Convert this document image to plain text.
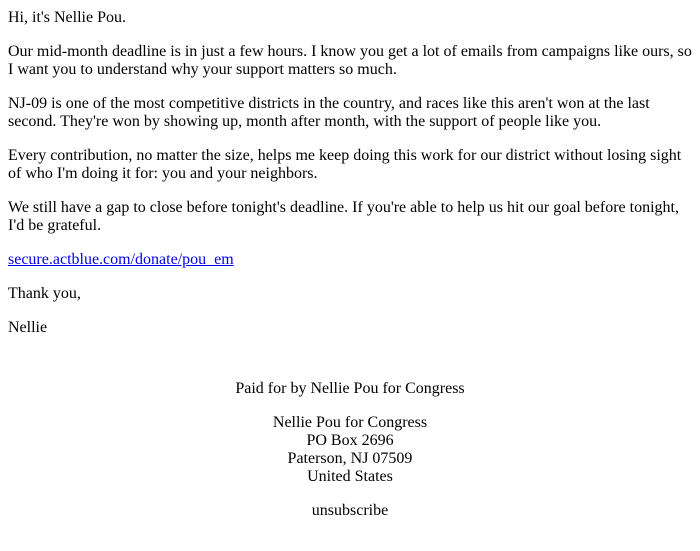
Hi, it's Nellie Pou.

Our mid-month deadline is in just a few hours. I know you get a lot of emails from campaigns like ours, so I want you to understand why your support matters so much.

NJ-09 is one of the most competitive districts in the country, and races like this aren't won at the last second. They're won by showing up, month after month, with the support of people like you.

Every contribution, no matter the size, helps me keep doing this work for our district without losing sight of who I'm doing it for: you and your neighbors.

We still have a gap to close before tonight's deadline. If you're able to help us hit our goal before tonight, I'd be grateful.

secure.actblue.com/donate/pou_em

Thank you,

Nellie

Paid for by Nellie Pou for Congress

Nellie Pou for Congress
PO Box 2696
Paterson, NJ 07509
United States

unsubscribe
